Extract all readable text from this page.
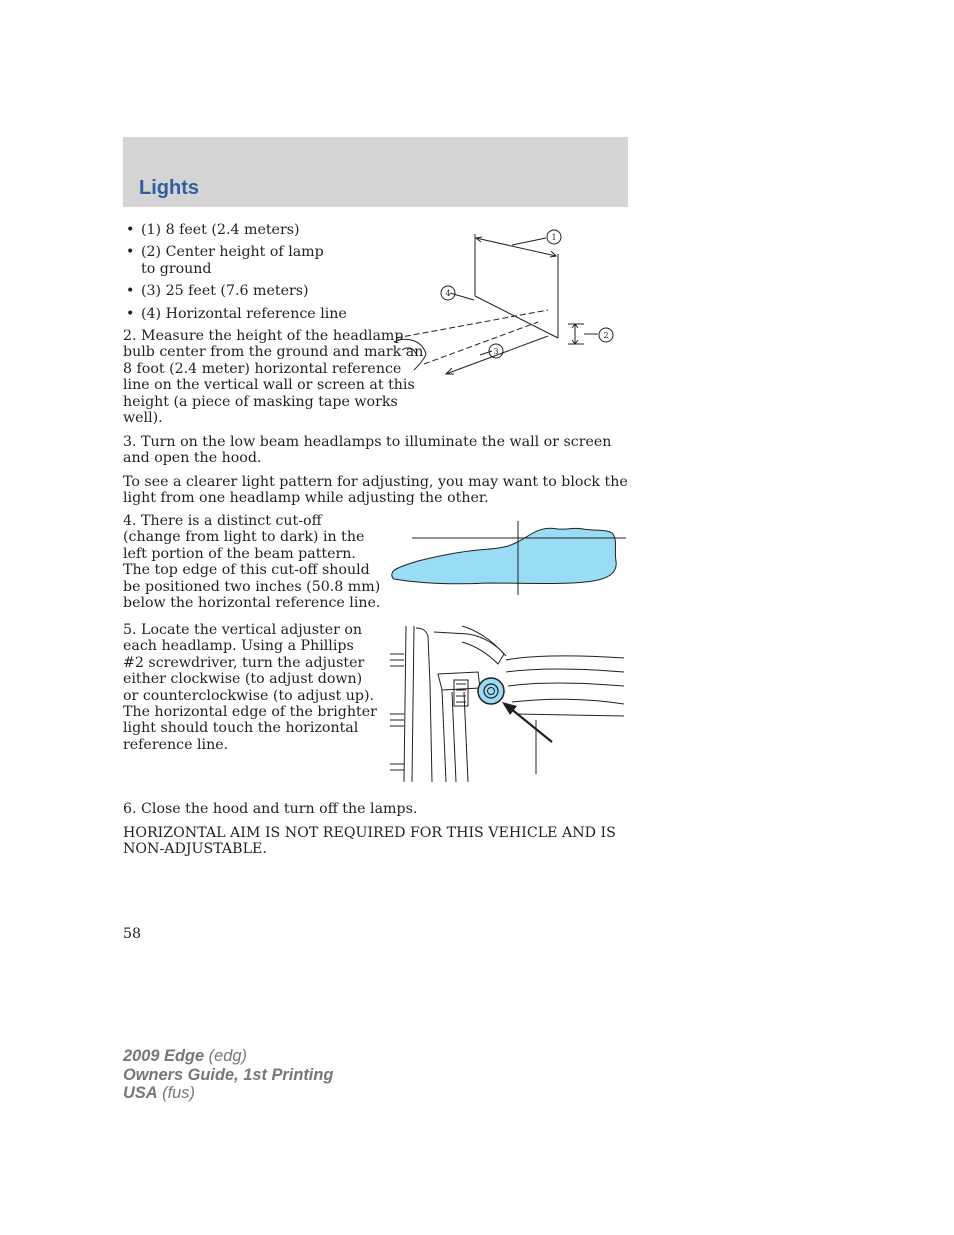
Lights
• (1) 8 feet (2.4 meters)
• (2) Center height of lamp to ground
• (3) 25 feet (7.6 meters)
• (4) Horizontal reference line
2. Measure the height of the headlamp bulb center from the ground and mark an 8 foot (2.4 meter) horizontal reference line on the vertical wall or screen at this height (a piece of masking tape works well).
1
2
3
4
3. Turn on the low beam headlamps to illuminate the wall or screen and open the hood.
To see a clearer light pattern for adjusting, you may want to block the light from one headlamp while adjusting the other.
4. There is a distinct cut-off (change from light to dark) in the left portion of the beam pattern. The top edge of this cut-off should be positioned two inches (50.8 mm) below the horizontal reference line.
5. Locate the vertical adjuster on each headlamp. Using a Phillips #2 screwdriver, turn the adjuster either clockwise (to adjust down) or counterclockwise (to adjust up). The horizontal edge of the brighter light should touch the horizontal reference line.
6. Close the hood and turn off the lamps.
HORIZONTAL AIM IS NOT REQUIRED FOR THIS VEHICLE AND IS NON-ADJUSTABLE.
58
2009 Edge (edg)
Owners Guide, 1st Printing
USA (fus)
